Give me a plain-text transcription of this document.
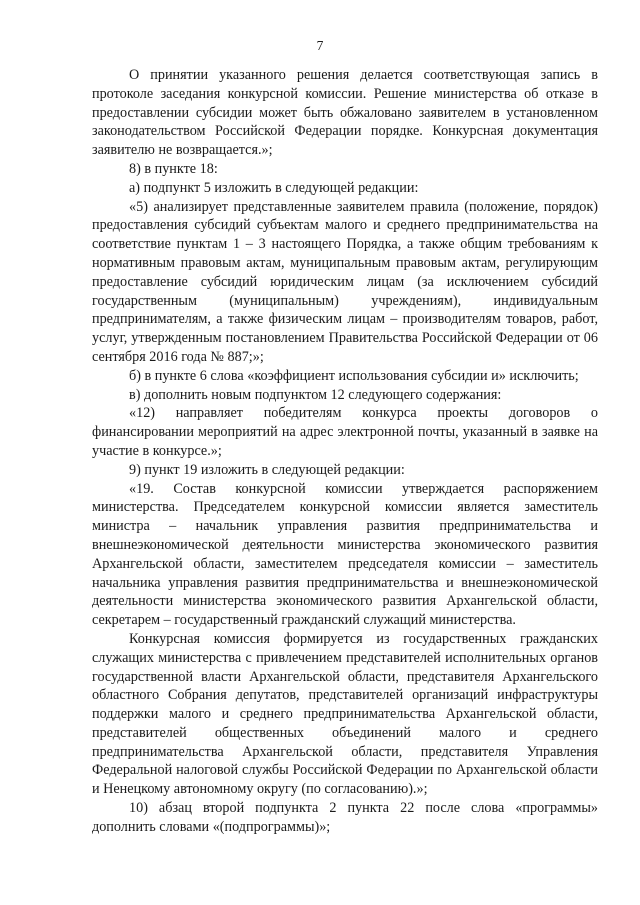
7

О принятии указанного решения делается соответствующая запись в протоколе заседания конкурсной комиссии. Решение министерства об отказе в предоставлении субсидии может быть обжаловано заявителем в установленном законодательством Российской Федерации порядке. Конкурсная документация заявителю не возвращается.»;

8) в пункте 18:

а) подпункт 5 изложить в следующей редакции:

«5) анализирует представленные заявителем правила (положение, порядок) предоставления субсидий субъектам малого и среднего предпринимательства на соответствие пунктам 1 – 3 настоящего Порядка, а также общим требованиям к нормативным правовым актам, муниципальным правовым актам, регулирующим предоставление субсидий юридическим лицам (за исключением субсидий государственным (муниципальным) учреждениям), индивидуальным предпринимателям, а также физическим лицам – производителям товаров, работ, услуг, утвержденным постановлением Правительства Российской Федерации от 06 сентября 2016 года № 887;»;

б) в пункте 6 слова «коэффициент использования субсидии и» исключить;

в) дополнить новым подпунктом 12 следующего содержания:

«12) направляет победителям конкурса проекты договоров о финансировании мероприятий на адрес электронной почты, указанный в заявке на участие в конкурсе.»;

9) пункт 19 изложить в следующей редакции:

«19. Состав конкурсной комиссии утверждается распоряжением министерства. Председателем конкурсной комиссии является заместитель министра – начальник управления развития предпринимательства и внешнеэкономической деятельности министерства экономического развития Архангельской области, заместителем председателя комиссии – заместитель начальника управления развития предпринимательства и внешнеэкономической деятельности министерства экономического развития Архангельской области, секретарем – государственный гражданский служащий министерства.

Конкурсная комиссия формируется из государственных гражданских служащих министерства с привлечением представителей исполнительных органов государственной власти Архангельской области, представителя Архангельского областного Собрания депутатов, представителей организаций инфраструктуры поддержки малого и среднего предпринимательства Архангельской области, представителей общественных объединений малого и среднего предпринимательства Архангельской области, представителя Управления Федеральной налоговой службы Российской Федерации по Архангельской области и Ненецкому автономному округу (по согласованию).»;

10) абзац второй подпункта 2 пункта 22 после слова «программы» дополнить словами «(подпрограммы)»;
